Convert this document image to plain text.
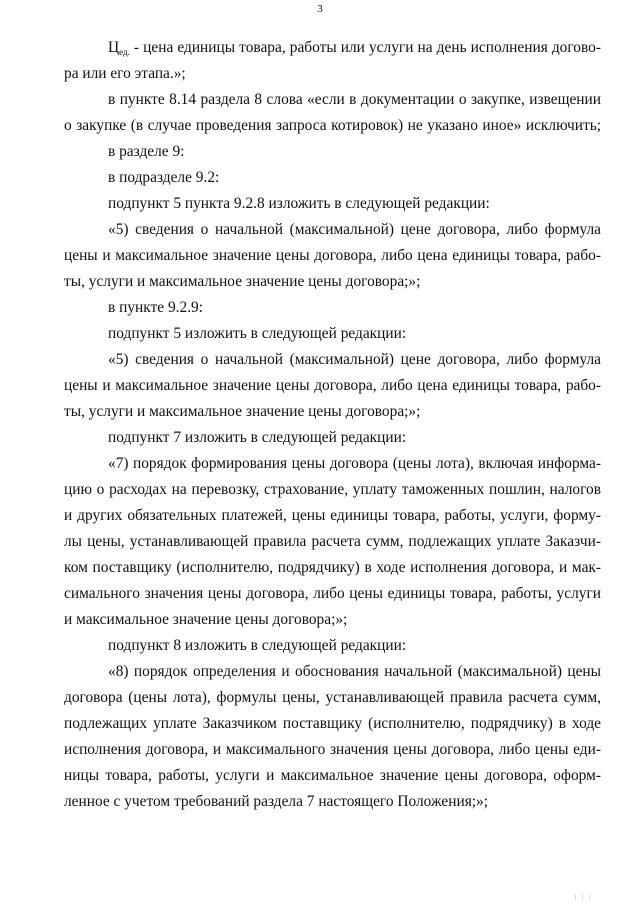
3
$Ц_{ед.}$ - цена единицы товара, работы или услуги на день исполнения догово-
ра или его этапа.»;
в пункте 8.14 раздела 8 слова «если в документации о закупке, извещении
о закупке (в случае проведения запроса котировок) не указано иное» исключить;
в разделе 9:
в подразделе 9.2:
подпункт 5 пункта 9.2.8 изложить в следующей редакции:
«5) сведения о начальной (максимальной) цене договора, либо формула
цены и максимальное значение цены договора, либо цена единицы товара, рабо-
ты, услуги и максимальное значение цены договора;»;
в пункте 9.2.9:
подпункт 5 изложить в следующей редакции:
«5) сведения о начальной (максимальной) цене договора, либо формула
цены и максимальное значение цены договора, либо цена единицы товара, рабо-
ты, услуги и максимальное значение цены договора;»;
подпункт 7 изложить в следующей редакции:
«7) порядок формирования цены договора (цены лота), включая информа-
цию о расходах на перевозку, страхование, уплату таможенных пошлин, налогов
и других обязательных платежей, цены единицы товара, работы, услуги, форму-
лы цены, устанавливающей правила расчета сумм, подлежащих уплате Заказчи-
ком поставщику (исполнителю, подрядчику) в ходе исполнения договора, и мак-
симального значения цены договора, либо цены единицы товара, работы, услуги
и максимальное значение цены договора;»;
подпункт 8 изложить в следующей редакции:
«8) порядок определения и обоснования начальной (максимальной) цены
договора (цены лота), формулы цены, устанавливающей правила расчета сумм,
подлежащих уплате Заказчиком поставщику (исполнителю, подрядчику) в ходе
исполнения договора, и максимального значения цены договора, либо цены еди-
ницы товара, работы, услуги и максимальное значение цены договора, оформ-
ленное с учетом требований раздела 7 настоящего Положения;»;
| | |
